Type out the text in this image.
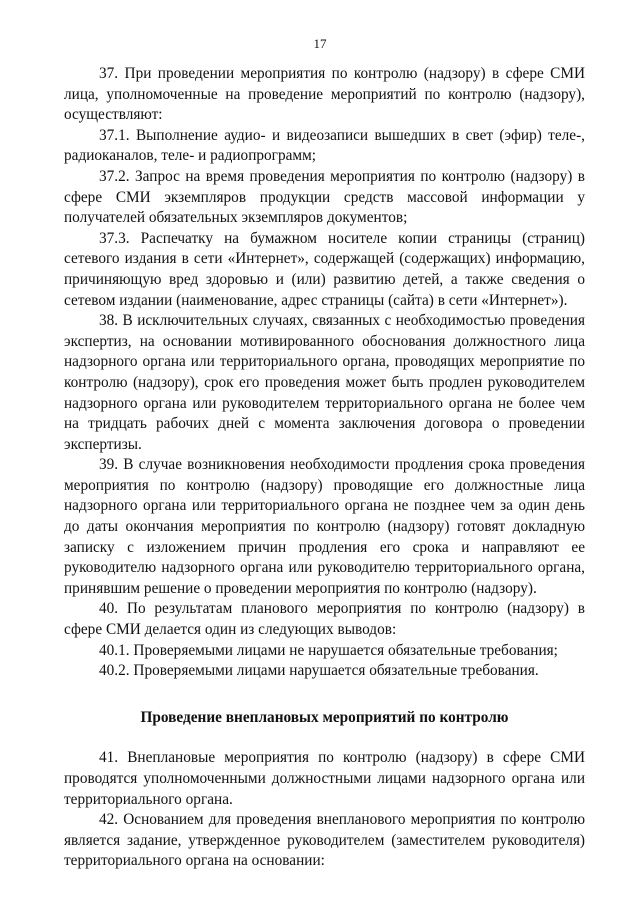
17

37. При проведении мероприятия по контролю (надзору) в сфере СМИ лица, уполномоченные на проведение мероприятий по контролю (надзору), осуществляют:

37.1. Выполнение аудио- и видеозаписи вышедших в свет (эфир) теле-, радиоканалов, теле- и радиопрограмм;

37.2. Запрос на время проведения мероприятия по контролю (надзору) в сфере СМИ экземпляров продукции средств массовой информации у получателей обязательных экземпляров документов;

37.3. Распечатку на бумажном носителе копии страницы (страниц) сетевого издания в сети «Интернет», содержащей (содержащих) информацию, причиняющую вред здоровью и (или) развитию детей, а также сведения о сетевом издании (наименование, адрес страницы (сайта) в сети «Интернет»).

38. В исключительных случаях, связанных с необходимостью проведения экспертиз, на основании мотивированного обоснования должностного лица надзорного органа или территориального органа, проводящих мероприятие по контролю (надзору), срок его проведения может быть продлен руководителем надзорного органа или руководителем территориального органа не более чем на тридцать рабочих дней с момента заключения договора о проведении экспертизы.

39. В случае возникновения необходимости продления срока проведения мероприятия по контролю (надзору) проводящие его должностные лица надзорного органа или территориального органа не позднее чем за один день до даты окончания мероприятия по контролю (надзору) готовят докладную записку с изложением причин продления его срока и направляют ее руководителю надзорного органа или руководителю территориального органа, принявшим решение о проведении мероприятия по контролю (надзору).

40. По результатам планового мероприятия по контролю (надзору) в сфере СМИ делается один из следующих выводов:

40.1. Проверяемыми лицами не нарушается обязательные требования;

40.2. Проверяемыми лицами нарушается обязательные требования.

Проведение внеплановых мероприятий по контролю

41. Внеплановые мероприятия по контролю (надзору) в сфере СМИ проводятся уполномоченными должностными лицами надзорного органа или территориального органа.

42. Основанием для проведения внепланового мероприятия по контролю является задание, утвержденное руководителем (заместителем руководителя) территориального органа на основании:
